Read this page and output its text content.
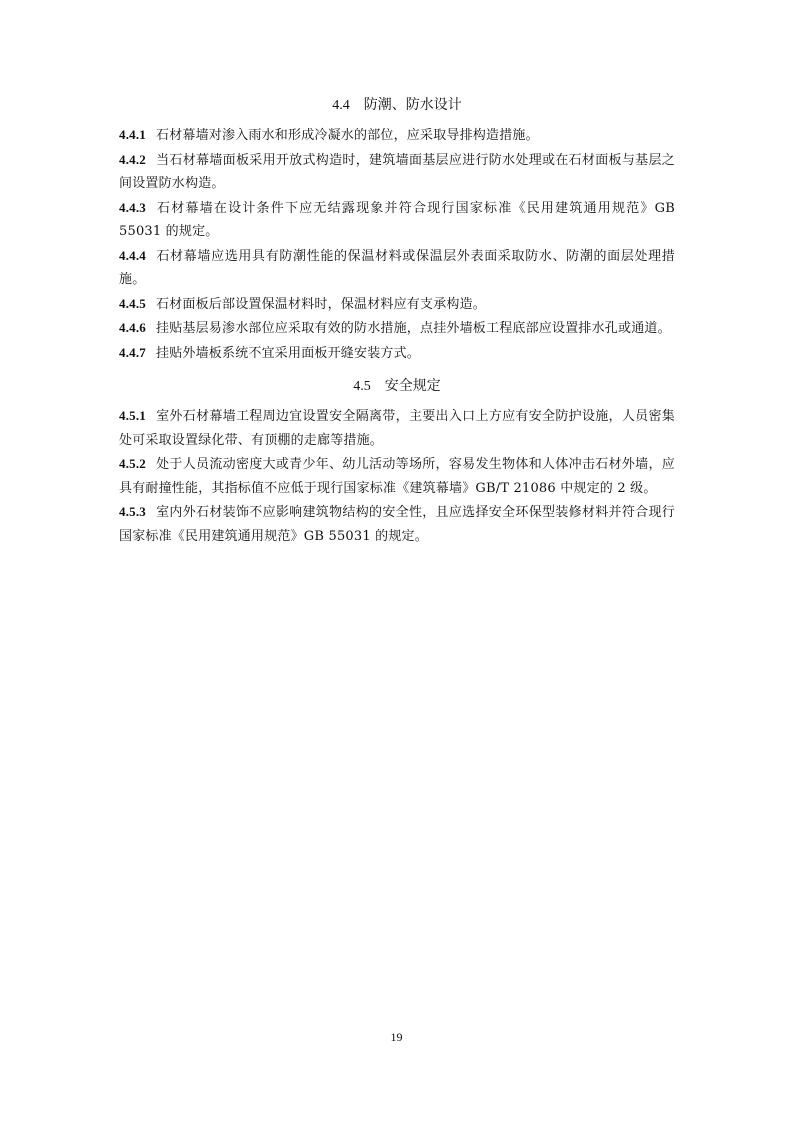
4.4 防潮、防水设计

4.4.1 石材幕墙对渗入雨水和形成冷凝水的部位，应采取导排构造措施。

4.4.2 当石材幕墙面板采用开放式构造时，建筑墙面基层应进行防水处理或在石材面板与基层之间设置防水构造。

4.4.3 石材幕墙在设计条件下应无结露现象并符合现行国家标准《民用建筑通用规范》GB 55031 的规定。

4.4.4 石材幕墙应选用具有防潮性能的保温材料或保温层外表面采取防水、防潮的面层处理措施。

4.4.5 石材面板后部设置保温材料时，保温材料应有支承构造。

4.4.6 挂贴基层易渗水部位应采取有效的防水措施，点挂外墙板工程底部应设置排水孔或通道。

4.4.7 挂贴外墙板系统不宜采用面板开缝安装方式。

4.5 安全规定

4.5.1 室外石材幕墙工程周边宜设置安全隔离带，主要出入口上方应有安全防护设施，人员密集处可采取设置绿化带、有顶棚的走廊等措施。

4.5.2 处于人员流动密度大或青少年、幼儿活动等场所，容易发生物体和人体冲击石材外墙，应具有耐撞性能，其指标值不应低于现行国家标准《建筑幕墙》GB/T 21086 中规定的 2 级。

4.5.3 室内外石材装饰不应影响建筑物结构的安全性，且应选择安全环保型装修材料并符合现行国家标准《民用建筑通用规范》GB 55031 的规定。

19
